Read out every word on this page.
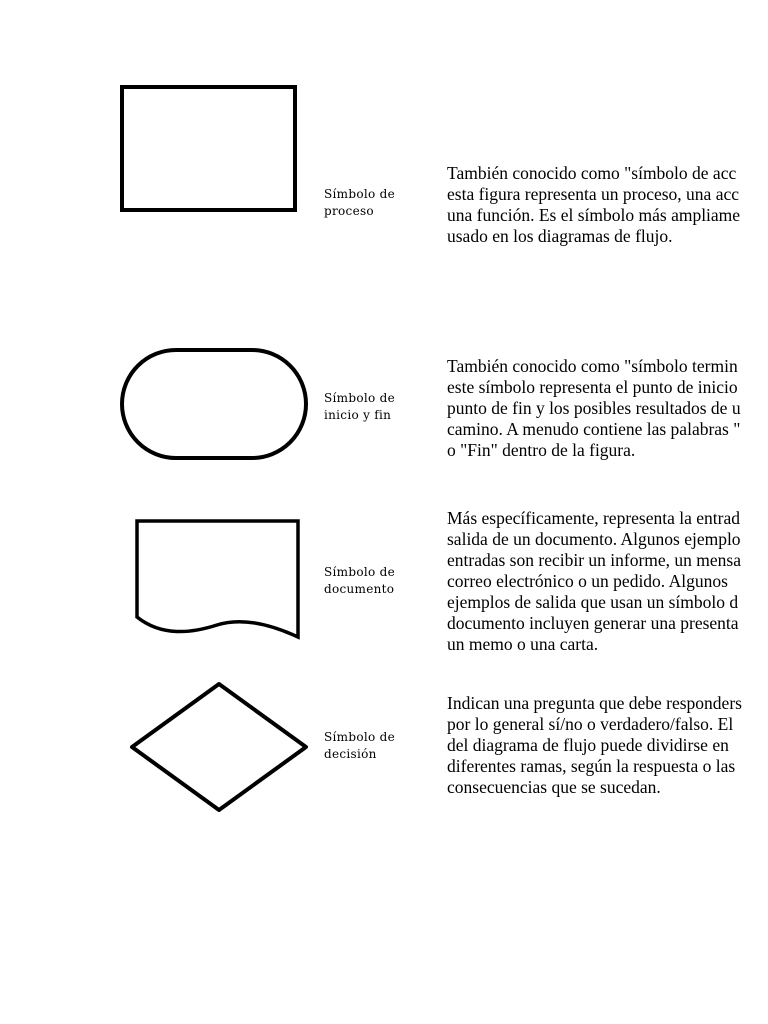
Símbolo de
proceso
También conocido como "símbolo de acc
esta figura representa un proceso, una acc
una función. Es el símbolo más ampliame
usado en los diagramas de flujo.
Símbolo de
inicio y fin
También conocido como "símbolo termin
este símbolo representa el punto de inicio
punto de fin y los posibles resultados de u
camino. A menudo contiene las palabras "
o "Fin" dentro de la figura.
Símbolo de
documento
Más específicamente, representa la entrad
salida de un documento. Algunos ejemplo
entradas son recibir un informe, un mensa
correo electrónico o un pedido. Algunos
ejemplos de salida que usan un símbolo d
documento incluyen generar una presenta
un memo o una carta.
Símbolo de
decisión
Indican una pregunta que debe responders
por lo general sí/no o verdadero/falso. El
del diagrama de flujo puede dividirse en
diferentes ramas, según la respuesta o las
consecuencias que se sucedan.
